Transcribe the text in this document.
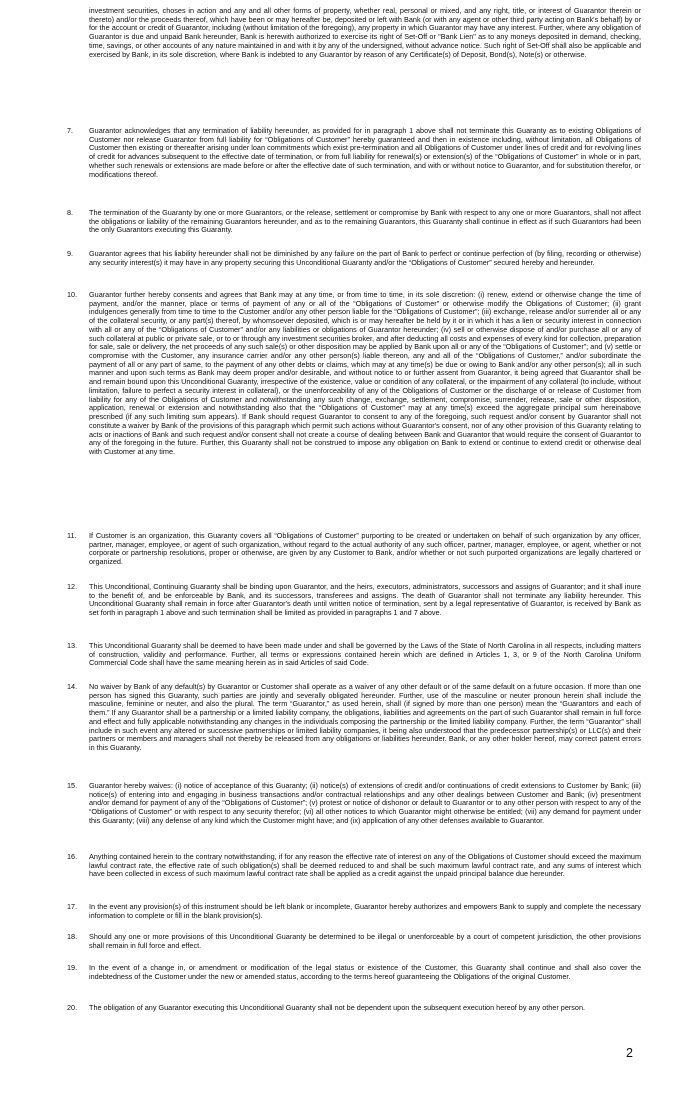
investment securities, choses in action and any and all other forms of property, whether real, personal or mixed, and any right, title, or interest of Guarantor therein or thereto) and/or the proceeds thereof, which have been or may hereafter be, deposited or left with Bank (or with any agent or other third party acting on Bank's behalf) by or for the account or credit of Guarantor, including (without limitation of the foregoing), any property in which Guarantor may have any interest. Further, where any obligation of Guarantor is due and unpaid Bank hereunder, Bank is herewith authorized to exercise its right of Set-Off or "Bank Lien" as to any moneys deposited in demand, checking, time, savings, or other accounts of any nature maintained in and with it by any of the undersigned, without advance notice. Such right of Set-Off shall also be applicable and exercised by Bank, in its sole discretion, where Bank is indebted to any Guarantor by reason of any Certificate(s) of Deposit, Bond(s), Note(s) or otherwise.

7.	Guarantor acknowledges that any termination of liability hereunder, as provided for in paragraph 1 above shall not terminate this Guaranty as to existing Obligations of Customer nor release Guarantor from full liability for “Obligations of Customer” hereby guaranteed and then in existence including, without limitation, all Obligations of Customer then existing or thereafter arising under loan commitments which exist pre-termination and all Obligations of Customer under lines of credit and for revolving lines of credit for advances subsequent to the effective date of termination, or from full liability for renewal(s) or extension(s) of the “Obligations of Customer” in whole or in part, whether such renewals or extensions are made before or after the effective date of such termination, and with or without notice to Guarantor, and for substitution therefor, or modifications thereof.
8.	The termination of the Guaranty by one or more Guarantors, or the release, settlement or compromise by Bank with respect to any one or more Guarantors, shall not affect the obligations or liability of the remaining Guarantors hereunder, and as to the remaining Guarantors, this Guaranty shall continue in effect as if such Guarantors had been the only Guarantors executing this Guaranty.
9.	Guarantor agrees that his liability hereunder shall not be diminished by any failure on the part of Bank to perfect or continue perfection of (by filing, recording or otherwise) any security interest(s) it may have in any property securing this Unconditional Guaranty and/or the “Obligations of Customer” secured hereby and hereunder.
10.	Guarantor further hereby consents and agrees that Bank may at any time, or from time to time, in its sole discretion: (i) renew, extend or otherwise change the time of payment, and/or the manner, place or terms of payment of any or all of the “Obligations of Customer” or otherwise modify the Obligations of Customer; (ii) grant indulgences generally from time to time to the Customer and/or any other person liable for the “Obligations of Customer”; (iii) exchange, release and/or surrender all or any of the collateral security, or any part(s) thereof, by whomsoever deposited, which is or may hereafter be held by it or in which it has a lien or security interest in connection with all or any of the “Obligations of Customer” and/or any liabilities or obligations of Guarantor hereunder; (iv) sell or otherwise dispose of and/or purchase all or any of such collateral at public or private sale, or to or through any investment securities broker, and after deducting all costs and expenses of every kind for collection, preparation for sale, sale or delivery, the net proceeds of any such sale(s) or other disposition may be applied by Bank upon all or any of the “Obligations of Customer”; and (v) settle or compromise with the Customer, any insurance carrier and/or any other person(s) liable thereon, any and all of the “Obligations of Customer,” and/or subordinate the payment of all or any part of same, to the payment of any other debts or claims, which may at any time(s) be due or owing to Bank and/or any other person(s); all in such manner and upon such terms as Bank may deem proper and/or desirable, and without notice to or further assent from Guarantor, it being agreed that Guarantor shall be and remain bound upon this Unconditional Guaranty, irrespective of the existence, value or condition of any collateral, or the impairment of any collateral (to include, without limitation, failure to perfect a security interest in collateral), or the unenforceability of any of the Obligations of Customer or the discharge of or release of Customer from liability for any of the Obligations of Customer and notwithstanding any such change, exchange, settlement, compromise, surrender, release, sale or other disposition, application, renewal or extension and notwithstanding also that the “Obligations of Customer” may at any time(s) exceed the aggregate principal sum hereinabove prescribed (if any such limiting sum appears). If Bank should request Guarantor to consent to any of the foregoing, such request and/or consent by Guarantor shall not constitute a waiver by Bank of the provisions of this paragraph which permit such actions without Guarantor's consent, nor of any other provision of this Guaranty relating to acts or inactions of Bank and such request and/or consent shall not create a course of dealing between Bank and Guarantor that would require the consent of Guarantor to any of the foregoing in the future. Further, this Guaranty shall not be construed to impose any obligation on Bank to extend or continue to extend credit or otherwise deal with Customer at any time.
11.	If Customer is an organization, this Guaranty covers all “Obligations of Customer” purporting to be created or undertaken on behalf of such organization by any officer, partner, manager, employee, or agent of such organization, without regard to the actual authority of any such officer, partner, manager, employee, or agent, whether or not corporate or partnership resolutions, proper or otherwise, are given by any Customer to Bank, and/or whether or not such purported organizations are legally chartered or organized.
12.	This Unconditional, Continuing Guaranty shall be binding upon Guarantor, and the heirs, executors, administrators, successors and assigns of Guarantor; and it shall inure to the benefit of, and be enforceable by Bank, and its successors, transferees and assigns. The death of Guarantor shall not terminate any liability hereunder. This Unconditional Guaranty shall remain in force after Guarantor's death until written notice of termination, sent by a legal representative of Guarantor, is received by Bank as set forth in paragraph 1 above and such termination shall be limited as provided in paragraphs 1 and 7 above.
13.	This Unconditional Guaranty shall be deemed to have been made under and shall be governed by the Laws of the State of North Carolina in all respects, including matters of construction, validity and performance. Further, all terms or expressions contained herein which are defined in Articles 1, 3, or 9 of the North Carolina Uniform Commercial Code shall have the same meaning herein as in said Articles of said Code.
14.	No waiver by Bank of any default(s) by Guarantor or Customer shall operate as a waiver of any other default or of the same default on a future occasion. If more than one person has signed this Guaranty, such parties are jointly and severally obligated hereunder. Further, use of the masculine or neuter pronoun herein shall include the masculine, feminine or neuter, and also the plural. The term “Guarantor,” as used herein, shall (if signed by more than one person) mean the “Guarantors and each of them.” If any Guarantor shall be a partnership or a limited liability company, the obligations, liabilities and agreements on the part of such Guarantor shall remain in full force and effect and fully applicable notwithstanding any changes in the individuals composing the partnership or the limited liability company. Further, the term “Guarantor” shall include in such event any altered or successive partnerships or limited liability companies, it being also understood that the predecessor partnership(s) or LLC(s) and their partners or members and managers shall not thereby be released from any obligations or liabilities hereunder. Bank, or any other holder hereof, may correct patent errors in this Guaranty.
15.	Guarantor hereby waives: (i) notice of acceptance of this Guaranty; (ii) notice(s) of extensions of credit and/or continuations of credit extensions to Customer by Bank; (iii) notice(s) of entering into and engaging in business transactions and/or contractual relationships and any other dealings between Customer and Bank; (iv) presentment and/or demand for payment of any of the “Obligations of Customer”; (v) protest or notice of dishonor or default to Guarantor or to any other person with respect to any of the “Obligations of Customer” or with respect to any security therefor; (vi) all other notices to which Guarantor might otherwise be entitled; (vii) any demand for payment under this Guaranty; (viii) any defense of any kind which the Customer might have; and (ix) application of any other defenses available to Guarantor.
16.	Anything contained herein to the contrary notwithstanding, if for any reason the effective rate of interest on any of the Obligations of Customer should exceed the maximum lawful contract rate, the effective rate of such obligation(s) shall be deemed reduced to and shall be such maximum lawful contract rate, and any sums of interest which have been collected in excess of such maximum lawful contract rate shall be applied as a credit against the unpaid principal balance due hereunder.
17.	In the event any provision(s) of this instrument should be left blank or incomplete, Guarantor hereby authorizes and empowers Bank to supply and complete the necessary information to complete or fill in the blank provision(s).
18.	Should any one or more provisions of this Unconditional Guaranty be determined to be illegal or unenforceable by a court of competent jurisdiction, the other provisions shall remain in full force and effect.
19.	In the event of a change in, or amendment or modification of the legal status or existence of the Customer, this Guaranty shall continue and shall also cover the indebtedness of the Customer under the new or amended status, according to the terms hereof guaranteeing the Obligations of the original Customer.
20.	The obligation of any Guarantor executing this Unconditional Guaranty shall not be dependent upon the subsequent execution hereof by any other person.
2
